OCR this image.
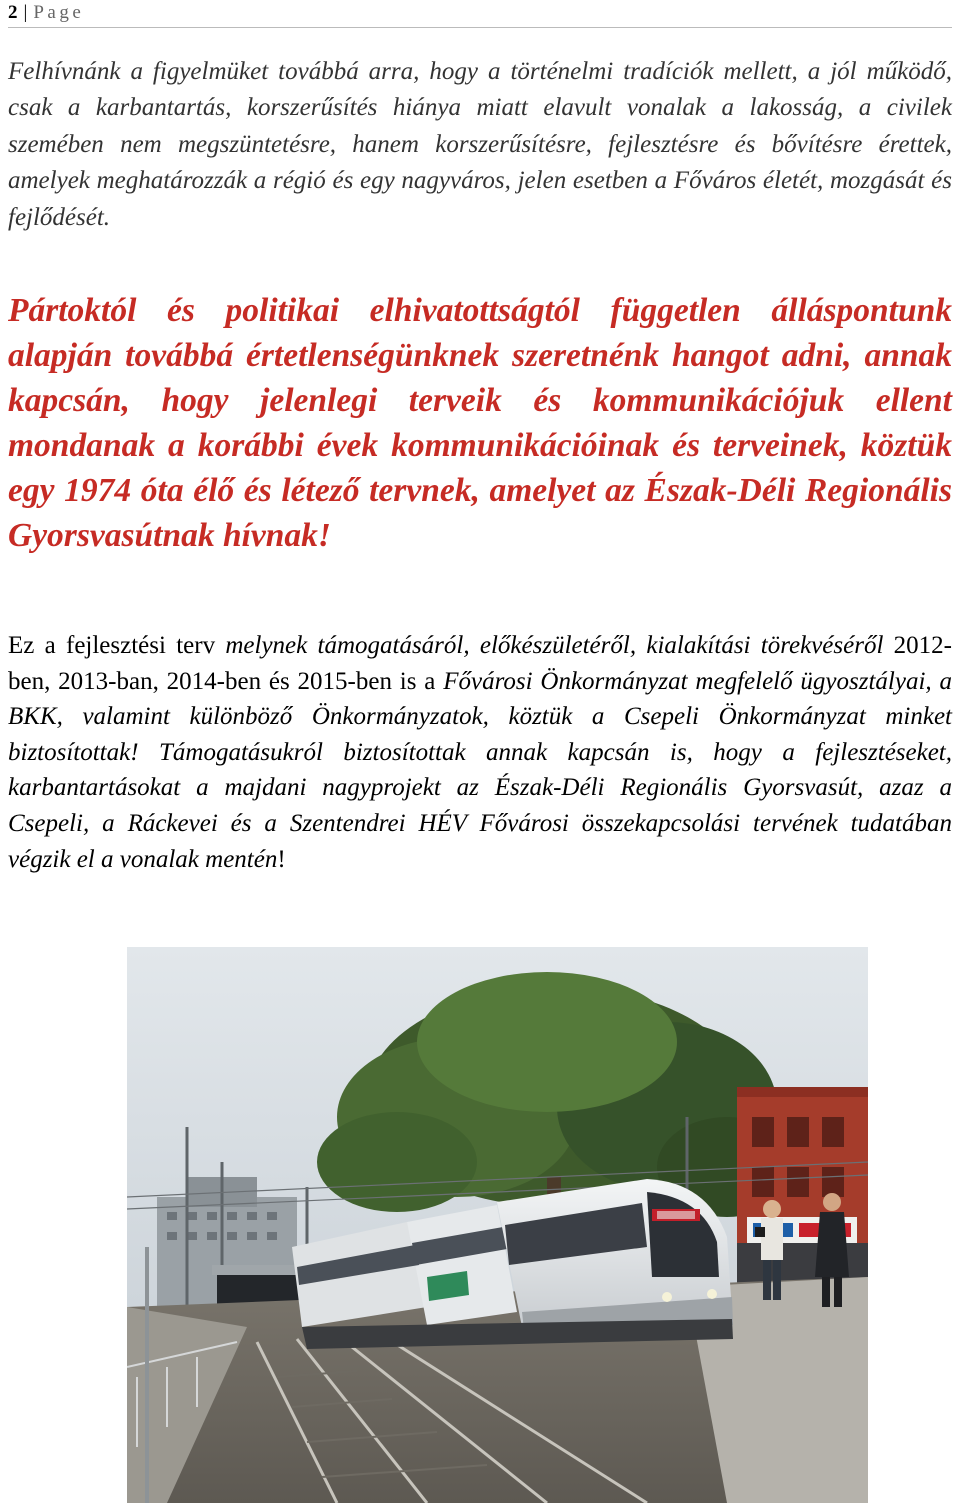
2 | Page

Felhívnánk a figyelmüket továbbá arra, hogy a történelmi tradíciók mellett, a jól működő, csak a karbantartás, korszerűsítés hiánya miatt elavult vonalak a lakosság, a civilek szemében nem megszüntetésre, hanem korszerűsítésre, fejlesztésre és bővítésre érettek, amelyek meghatározzák a régió és egy nagyváros, jelen esetben a Főváros életét, mozgását és fejlődését.

Pártoktól és politikai elhivatottságtól független álláspontunk alapján továbbá értetlenségünknek szeretnénk hangot adni, annak kapcsán, hogy jelenlegi terveik és kommunikációjuk ellent mondanak a korábbi évek kommunikációinak és terveinek, köztük egy 1974 óta élő és létező tervnek, amelyet az Észak-Déli Regionális Gyorsvasútnak hívnak!

Ez a fejlesztési terv melynek támogatásáról, előkészületéről, kialakítási törekvéséről 2012-ben, 2013-ban, 2014-ben és 2015-ben is a Fővárosi Önkormányzat megfelelő ügyosztályai, a BKK, valamint különböző Önkormányzatok, köztük a Csepeli Önkormányzat minket biztosítottak! Támogatásukról biztosítottak annak kapcsán is, hogy a fejlesztéseket, karbantartásokat a majdani nagyprojekt az Észak-Déli Regionális Gyorsvasút, azaz a Csepeli, a Ráckevei és a Szentendrei HÉV Fővárosi összekapcsolási tervének tudatában végzik el a vonalak mentén!
